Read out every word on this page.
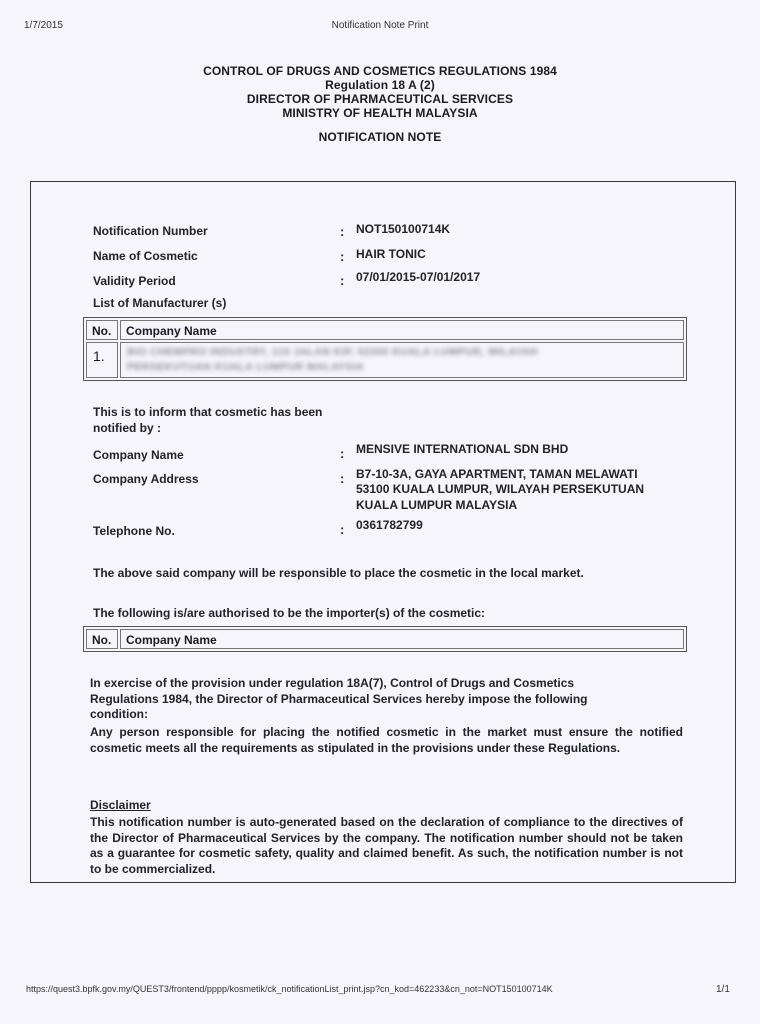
1/7/2015	Notification Note Print
CONTROL OF DRUGS AND COSMETICS REGULATIONS 1984
Regulation 18 A (2)
DIRECTOR OF PHARMACEUTICAL SERVICES
MINISTRY OF HEALTH MALAYSIA
NOTIFICATION NOTE
Notification Number	: NOT150100714K
Name of Cosmetic	: HAIR TONIC
Validity Period	: 07/01/2015-07/01/2017
List of Manufacturer (s)
No. Company Name
1. BIO CHEMPRO INDUSTRY, 115 JALAN KIP, 52200 KUALA LUMPUR, WILAYAH
PERSEKUTUAN KUALA LUMPUR MALAYSIA
This is to inform that cosmetic has been notified by :
Company Name	: MENSIVE INTERNATIONAL SDN BHD
Company Address	: B7-10-3A, GAYA APARTMENT, TAMAN MELAWATI
53100 KUALA LUMPUR, WILAYAH PERSEKUTUAN
KUALA LUMPUR MALAYSIA
Telephone No.	: 0361782799
The above said company will be responsible to place the cosmetic in the local market.
The following is/are authorised to be the importer(s) of the cosmetic:
No. Company Name
In exercise of the provision under regulation 18A(7), Control of Drugs and Cosmetics Regulations 1984, the Director of Pharmaceutical Services hereby impose the following condition:
Any person responsible for placing the notified cosmetic in the market must ensure the notified cosmetic meets all the requirements as stipulated in the provisions under these Regulations.
Disclaimer
This notification number is auto-generated based on the declaration of compliance to the directives of the Director of Pharmaceutical Services by the company. The notification number should not be taken as a guarantee for cosmetic safety, quality and claimed benefit. As such, the notification number is not to be commercialized.
https://quest3.bpfk.gov.my/QUEST3/frontend/pppp/kosmetik/ck_notificationList_print.jsp?cn_kod=462233&cn_not=NOT150100714K	1/1
